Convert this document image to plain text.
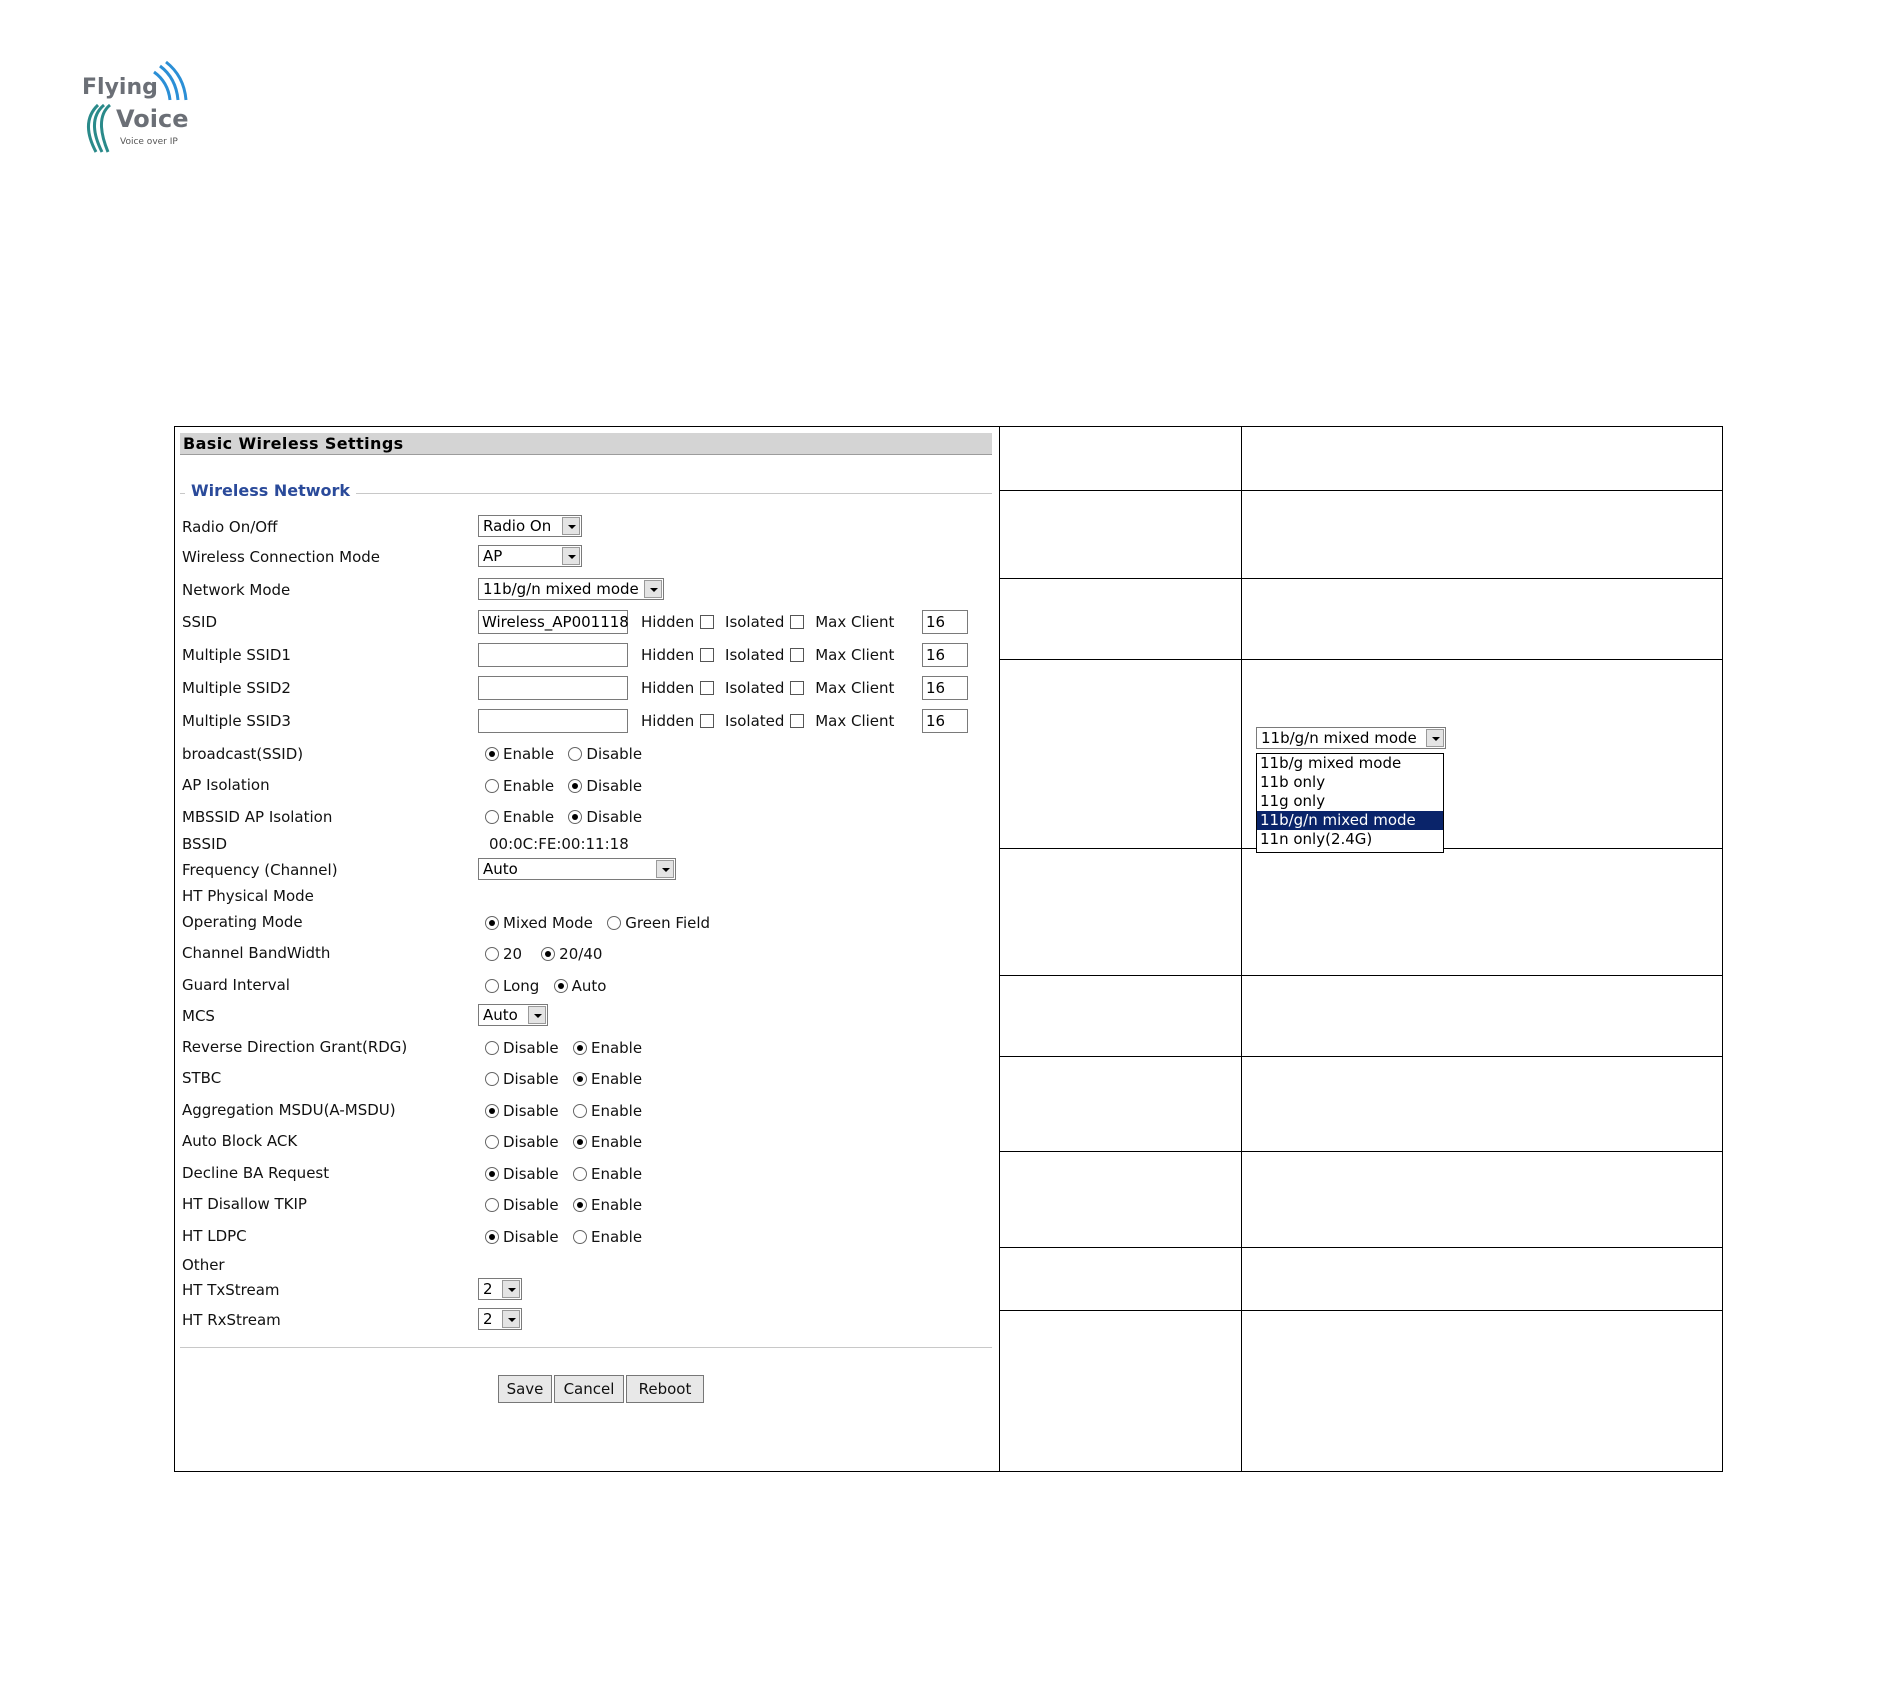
Flying
Voice
Voice over IP
Basic Wireless Settings
Wireless Network
Radio On/Off	Radio On
Wireless Connection Mode	AP
Network Mode	11b/g/n mixed mode
SSID	Wireless_AP001118 Hidden Isolated Max Client 16
Multiple SSID1	Hidden Isolated Max Client 16
Multiple SSID2	Hidden Isolated Max Client 16
Multiple SSID3	Hidden Isolated Max Client 16
broadcast(SSID)	Enable Disable
AP Isolation	Enable Disable
MBSSID AP Isolation	Enable Disable
BSSID	00:0C:FE:00:11:18
Frequency (Channel)	Auto
HT Physical Mode
Operating Mode	Mixed Mode Green Field
Channel BandWidth	20 20/40
Guard Interval	Long Auto
MCS	Auto
Reverse Direction Grant(RDG)	Disable Enable
STBC	Disable Enable
Aggregation MSDU(A-MSDU)	Disable Enable
Auto Block ACK	Disable Enable
Decline BA Request	Disable Enable
HT Disallow TKIP	Disable Enable
HT LDPC	Disable Enable
Other
HT TxStream	2
HT RxStream	2
Save	Cancel	Reboot
11b/g/n mixed mode
11b/g mixed mode
11b only
11g only
11b/g/n mixed mode
11n only(2.4G)
